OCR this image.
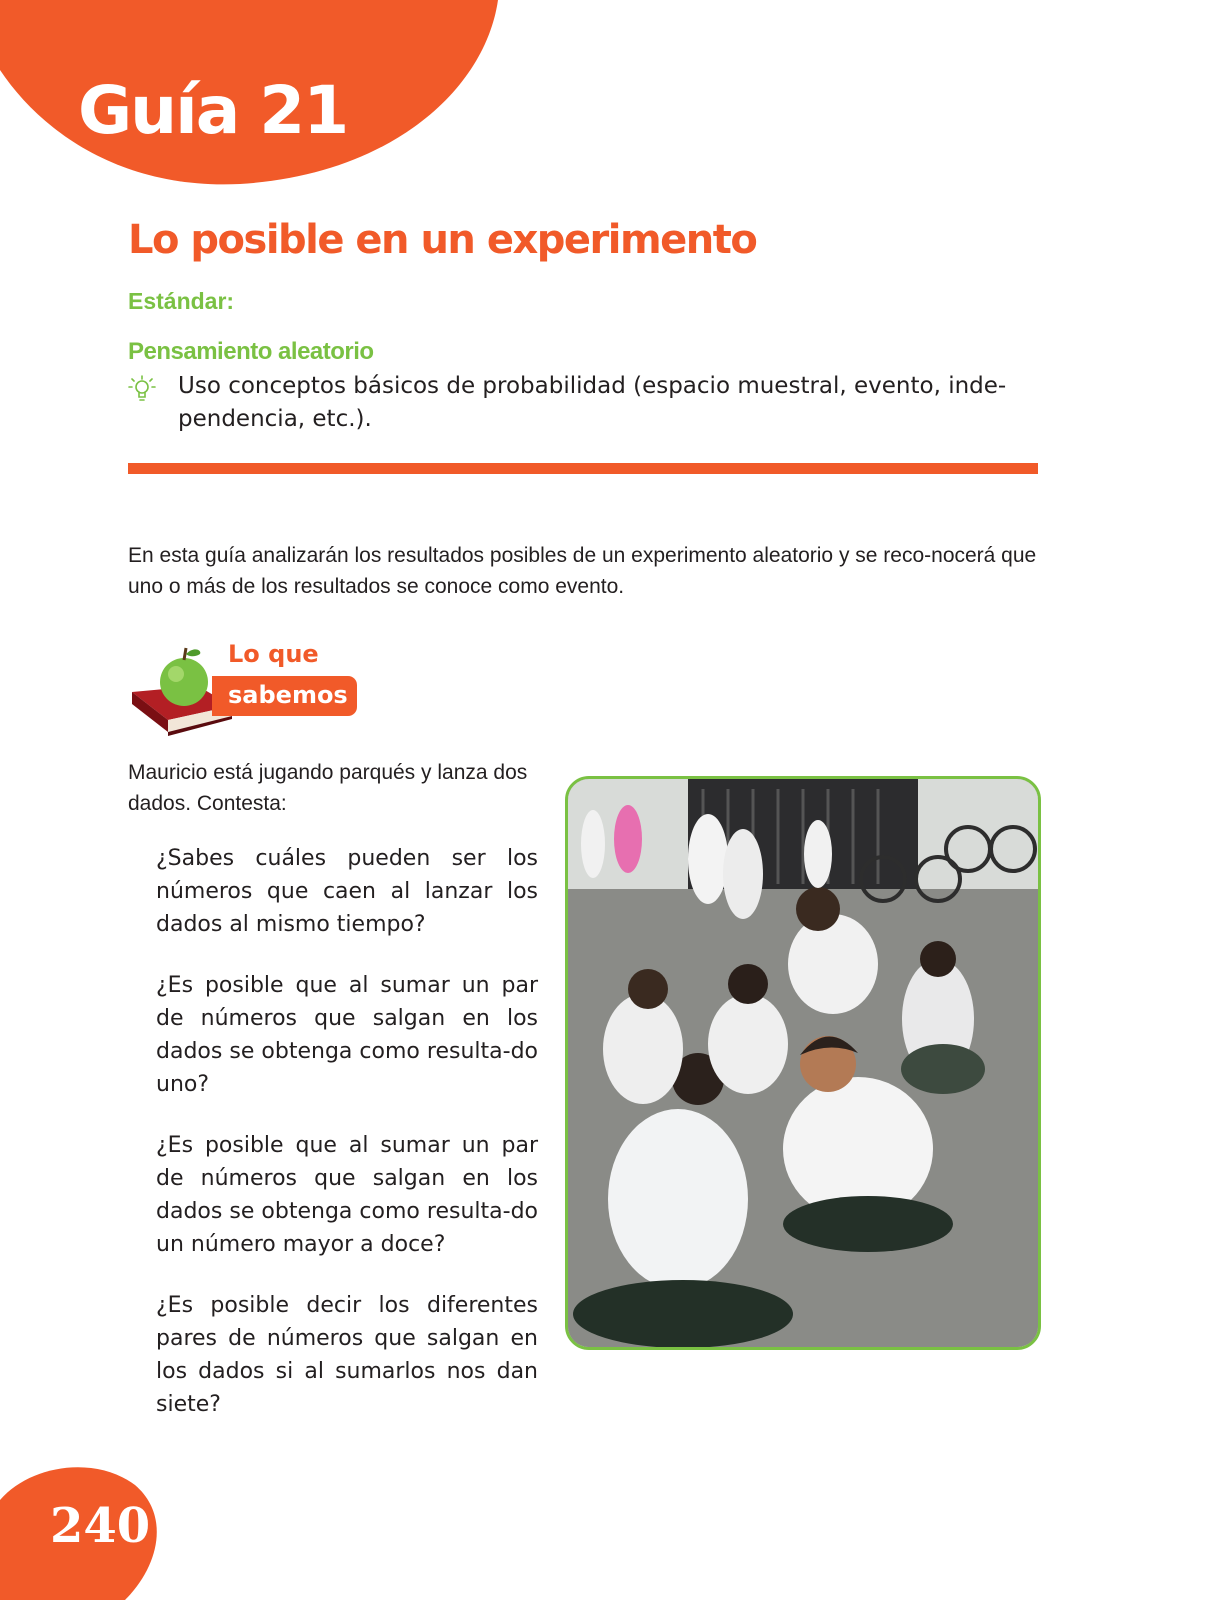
Guía 21
Lo posible en un experimento
Estándar:
Pensamiento aleatorio

Uso conceptos básicos de probabilidad (espacio muestral, evento, inde-pendencia, etc.).

En esta guía analizarán los resultados posibles de un experimento aleatorio y se reco-nocerá que uno o más de los resultados se conoce como evento.

Lo que
sabemos

Mauricio está jugando parqués y lanza dos dados. Contesta:

¿Sabes cuáles pueden ser los números que caen al lanzar los dados al mismo tiempo?

¿Es posible que al sumar un par de números que salgan en los dados se obtenga como resulta-do uno?

¿Es posible que al sumar un par de números que salgan en los dados se obtenga como resulta-do un número mayor a doce?

¿Es posible decir los diferentes pares de números que salgan en los dados si al sumarlos nos dan siete?

240
